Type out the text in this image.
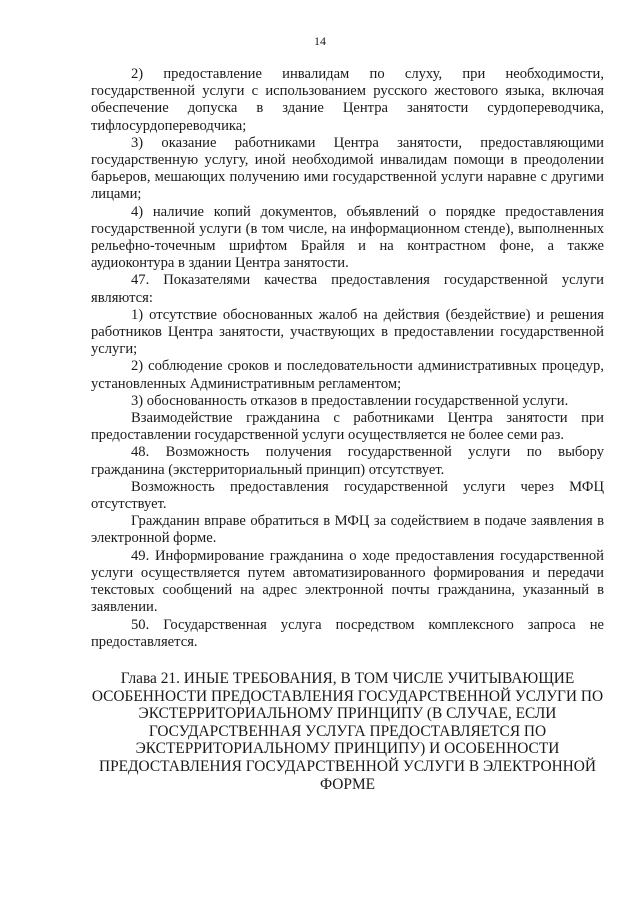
14

2) предоставление инвалидам по слуху, при необходимости, государственной услуги с использованием русского жестового языка, включая обеспечение допуска в здание Центра занятости сурдопереводчика, тифлосурдопереводчика;

3) оказание работниками Центра занятости, предоставляющими государственную услугу, иной необходимой инвалидам помощи в преодолении барьеров, мешающих получению ими государственной услуги наравне с другими лицами;

4) наличие копий документов, объявлений о порядке предоставления государственной услуги (в том числе, на информационном стенде), выполненных рельефно-точечным шрифтом Брайля и на контрастном фоне, а также аудиоконтура в здании Центра занятости.

47. Показателями качества предоставления государственной услуги являются:

1) отсутствие обоснованных жалоб на действия (бездействие) и решения работников Центра занятости, участвующих в предоставлении государственной услуги;

2) соблюдение сроков и последовательности административных процедур, установленных Административным регламентом;

3) обоснованность отказов в предоставлении государственной услуги.

Взаимодействие гражданина с работниками Центра занятости при предоставлении государственной услуги осуществляется не более семи раз.

48. Возможность получения государственной услуги по выбору гражданина (экстерриториальный принцип) отсутствует.

Возможность предоставления государственной услуги через МФЦ отсутствует.

Гражданин вправе обратиться в МФЦ за содействием в подаче заявления в электронной форме.

49. Информирование гражданина о ходе предоставления государственной услуги осуществляется путем автоматизированного формирования и передачи текстовых сообщений на адрес электронной почты гражданина, указанный в заявлении.

50. Государственная услуга посредством комплексного запроса не предоставляется.

Глава 21. ИНЫЕ ТРЕБОВАНИЯ, В ТОМ ЧИСЛЕ УЧИТЫВАЮЩИЕ ОСОБЕННОСТИ ПРЕДОСТАВЛЕНИЯ ГОСУДАРСТВЕННОЙ УСЛУГИ ПО ЭКСТЕРРИТОРИАЛЬНОМУ ПРИНЦИПУ (В СЛУЧАЕ, ЕСЛИ ГОСУДАРСТВЕННАЯ УСЛУГА ПРЕДОСТАВЛЯЕТСЯ ПО ЭКСТЕРРИТОРИАЛЬНОМУ ПРИНЦИПУ) И ОСОБЕННОСТИ ПРЕДОСТАВЛЕНИЯ ГОСУДАРСТВЕННОЙ УСЛУГИ В ЭЛЕКТРОННОЙ ФОРМЕ
